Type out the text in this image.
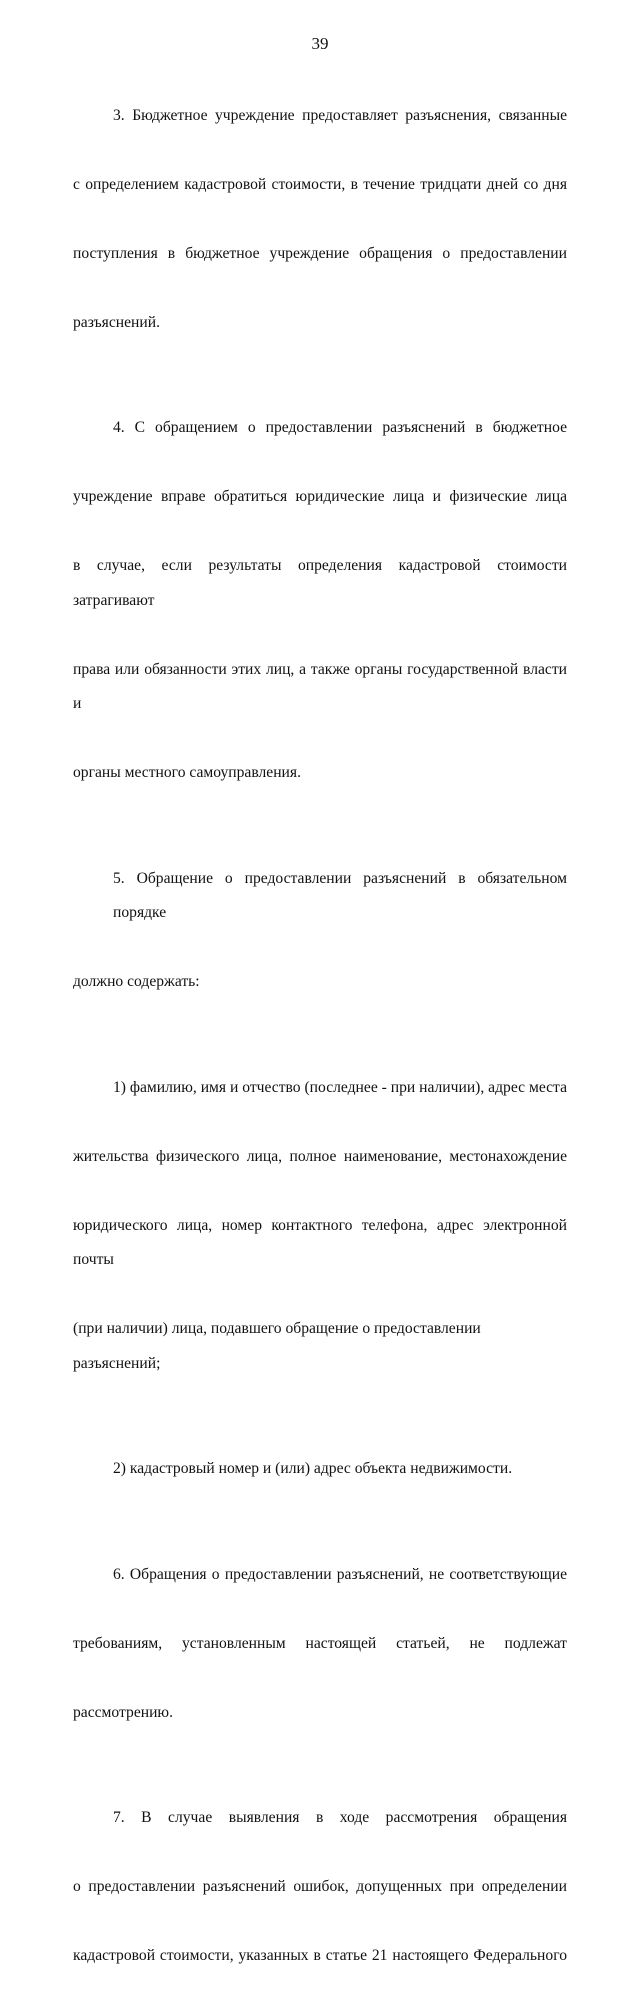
39

3. Бюджетное учреждение предоставляет разъяснения, связанные

с определением кадастровой стоимости, в течение тридцати дней со дня

поступления в бюджетное учреждение обращения о предоставлении

разъяснений.

4. С обращением о предоставлении разъяснений в бюджетное

учреждение вправе обратиться юридические лица и физические лица

в случае, если результаты определения кадастровой стоимости затрагивают

права или обязанности этих лиц, а также органы государственной власти и

органы местного самоуправления.

5. Обращение о предоставлении разъяснений в обязательном порядке

должно содержать:

1) фамилию, имя и отчество (последнее - при наличии), адрес места

жительства физического лица, полное наименование, местонахождение

юридического лица, номер контактного телефона, адрес электронной почты

(при наличии) лица, подавшего обращение о предоставлении разъяснений;

2) кадастровый номер и (или) адрес объекта недвижимости.

6. Обращения о предоставлении разъяснений, не соответствующие

требованиям, установленным настоящей статьей, не подлежат

рассмотрению.

7. В случае выявления в ходе рассмотрения обращения

о предоставлении разъяснений ошибок, допущенных при определении

кадастровой стоимости, указанных в статье 21 настоящего Федерального
